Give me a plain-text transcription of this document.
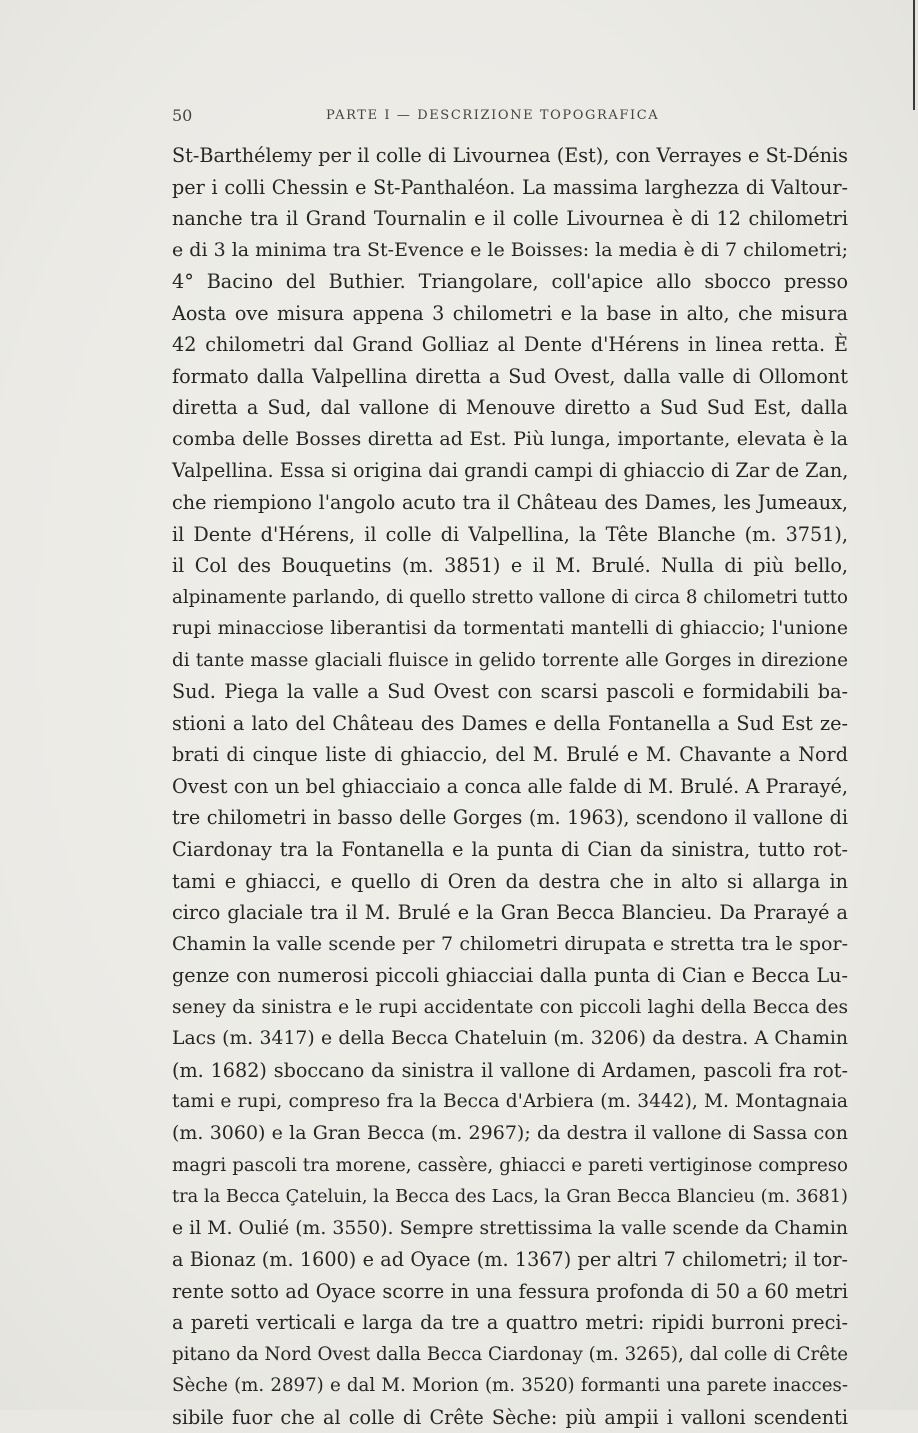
50	PARTE I — DESCRIZIONE TOPOGRAFICA
St-Barthélemy per il colle di Livournea (Est), con Verrayes e St-Dénis
per i colli Chessin e St-Panthaléon. La massima larghezza di Valtour-
nanche tra il Grand Tournalin e il colle Livournea è di 12 chilometri
e di 3 la minima tra St-Evence e le Boisses: la media è di 7 chilometri;
4° Bacino del Buthier. Triangolare, coll'apice allo sbocco presso
Aosta ove misura appena 3 chilometri e la base in alto, che misura
42 chilometri dal Grand Golliaz al Dente d'Hérens in linea retta. È
formato dalla Valpellina diretta a Sud Ovest, dalla valle di Ollomont
diretta a Sud, dal vallone di Menouve diretto a Sud Sud Est, dalla
comba delle Bosses diretta ad Est. Più lunga, importante, elevata è la
Valpellina. Essa si origina dai grandi campi di ghiaccio di Zar de Zan,
che riempiono l'angolo acuto tra il Château des Dames, les Jumeaux,
il Dente d'Hérens, il colle di Valpellina, la Tête Blanche (m. 3751),
il Col des Bouquetins (m. 3851) e il M. Brulé. Nulla di più bello,
alpinamente parlando, di quello stretto vallone di circa 8 chilometri tutto
rupi minacciose liberantisi da tormentati mantelli di ghiaccio; l'unione
di tante masse glaciali fluisce in gelido torrente alle Gorges in direzione
Sud. Piega la valle a Sud Ovest con scarsi pascoli e formidabili ba-
stioni a lato del Château des Dames e della Fontanella a Sud Est ze-
brati di cinque liste di ghiaccio, del M. Brulé e M. Chavante a Nord
Ovest con un bel ghiacciaio a conca alle falde di M. Brulé. A Prarayé,
tre chilometri in basso delle Gorges (m. 1963), scendono il vallone di
Ciardonay tra la Fontanella e la punta di Cian da sinistra, tutto rot-
tami e ghiacci, e quello di Oren da destra che in alto si allarga in
circo glaciale tra il M. Brulé e la Gran Becca Blancieu. Da Prarayé a
Chamin la valle scende per 7 chilometri dirupata e stretta tra le spor-
genze con numerosi piccoli ghiacciai dalla punta di Cian e Becca Lu-
seney da sinistra e le rupi accidentate con piccoli laghi della Becca des
Lacs (m. 3417) e della Becca Chateluin (m. 3206) da destra. A Chamin
(m. 1682) sboccano da sinistra il vallone di Ardamen, pascoli fra rot-
tami e rupi, compreso fra la Becca d'Arbiera (m. 3442), M. Montagnaia
(m. 3060) e la Gran Becca (m. 2967); da destra il vallone di Sassa con
magri pascoli tra morene, cassère, ghiacci e pareti vertiginose compreso
tra la Becca Çateluin, la Becca des Lacs, la Gran Becca Blancieu (m. 3681)
e il M. Oulié (m. 3550). Sempre strettissima la valle scende da Chamin
a Bionaz (m. 1600) e ad Oyace (m. 1367) per altri 7 chilometri; il tor-
rente sotto ad Oyace scorre in una fessura profonda di 50 a 60 metri
a pareti verticali e larga da tre a quattro metri: ripidi burroni preci-
pitano da Nord Ovest dalla Becca Ciardonay (m. 3265), dal colle di Crête
Sèche (m. 2897) e dal M. Morion (m. 3520) formanti una parete inacces-
sibile fuor che al colle di Crête Sèche: più ampii i valloni scendenti
